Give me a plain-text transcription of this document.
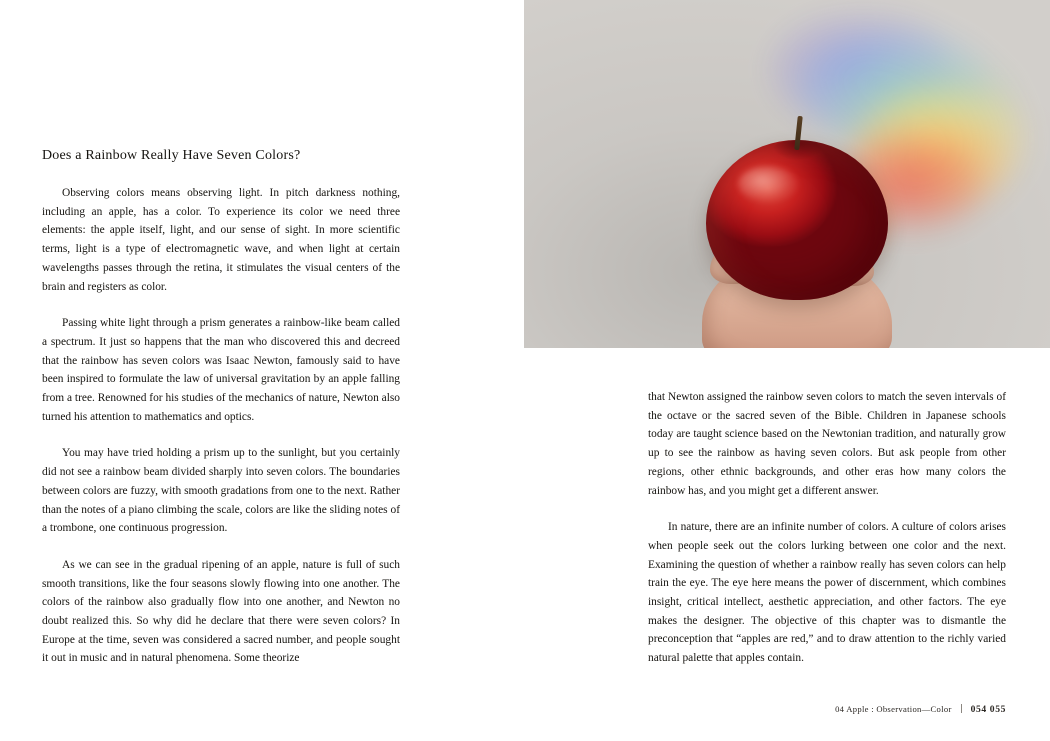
Does a Rainbow Really Have Seven Colors?

Observing colors means observing light. In pitch darkness nothing, including an apple, has a color. To experience its color we need three elements: the apple itself, light, and our sense of sight. In more scientific terms, light is a type of electromagnetic wave, and when light at certain wavelengths passes through the retina, it stimulates the visual centers of the brain and registers as color.

Passing white light through a prism generates a rainbow-like beam called a spectrum. It just so happens that the man who discovered this and decreed that the rainbow has seven colors was Isaac Newton, famously said to have been inspired to formulate the law of universal gravitation by an apple falling from a tree. Renowned for his studies of the mechanics of nature, Newton also turned his attention to mathematics and optics.

You may have tried holding a prism up to the sunlight, but you certainly did not see a rainbow beam divided sharply into seven colors. The boundaries between colors are fuzzy, with smooth gradations from one to the next. Rather than the notes of a piano climbing the scale, colors are like the sliding notes of a trombone, one continuous progression.

As we can see in the gradual ripening of an apple, nature is full of such smooth transitions, like the four seasons slowly flowing into one another. The colors of the rainbow also gradually flow into one another, and Newton no doubt realized this. So why did he declare that there were seven colors? In Europe at the time, seven was considered a sacred number, and people sought it out in music and in natural phenomena. Some theorize

that Newton assigned the rainbow seven colors to match the seven intervals of the octave or the sacred seven of the Bible. Children in Japanese schools today are taught science based on the Newtonian tradition, and naturally grow up to see the rainbow as having seven colors. But ask people from other regions, other ethnic backgrounds, and other eras how many colors the rainbow has, and you might get a different answer.

In nature, there are an infinite number of colors. A culture of colors arises when people seek out the colors lurking between one color and the next. Examining the question of whether a rainbow really has seven colors can help train the eye. The eye here means the power of discernment, which combines insight, critical intellect, aesthetic appreciation, and other factors. The eye makes the designer. The objective of this chapter was to dismantle the preconception that “apples are red,” and to draw attention to the richly varied natural palette that apples contain.

04 Apple : Observation—Color 054 055
